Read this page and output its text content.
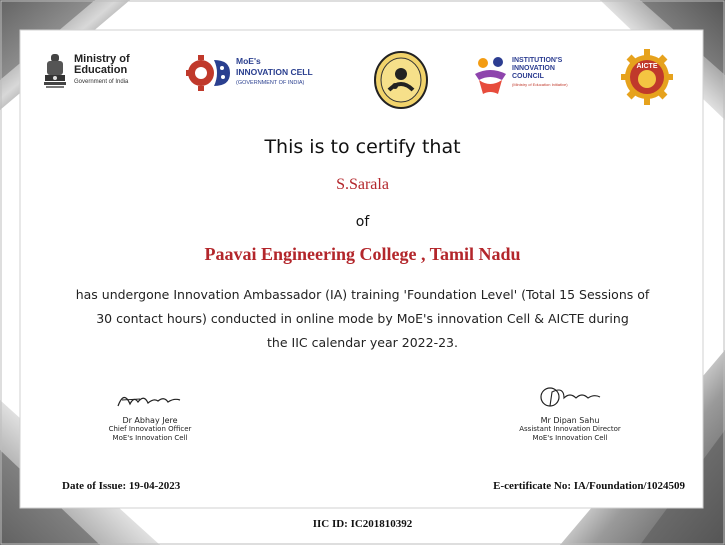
Ministry of
Education
Government of India
MoE's
INNOVATION CELL
(GOVERNMENT OF INDIA)
INSTITUTION'S
INNOVATION
COUNCIL
(Ministry of Education Initiative)
AICTE
This is to certify that
S.Sarala
of
Paavai Engineering College , Tamil Nadu
has undergone Innovation Ambassador (IA) training 'Foundation Level' (Total 15 Sessions of
30 contact hours) conducted in online mode by MoE's innovation Cell & AICTE during
the IIC calendar year 2022-23.
Dr Abhay Jere
Chief Innovation Officer
MoE's Innovation Cell
Mr Dipan Sahu
Assistant Innovation Director
MoE's Innovation Cell
Date of Issue: 19-04-2023	E-certificate No: IA/Foundation/1024509
IIC ID: IC201810392
